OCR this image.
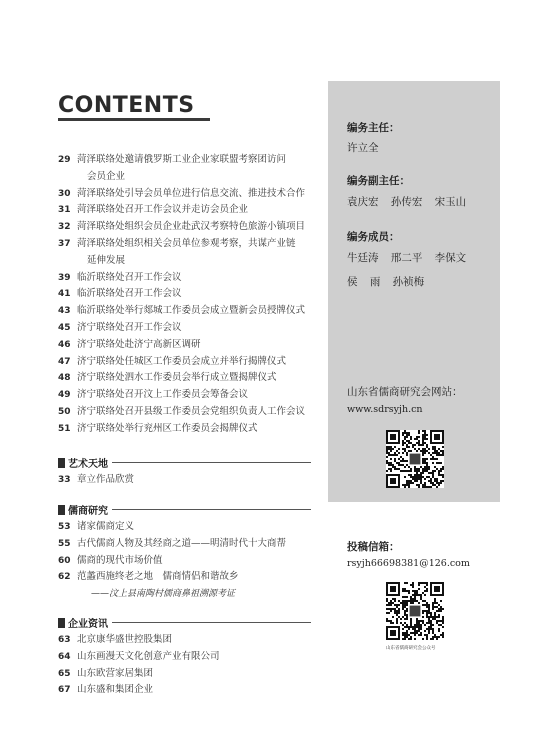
CONTENTS
29 菏泽联络处邀请俄罗斯工业企业家联盟考察团访问
会员企业
30 菏泽联络处引导会员单位进行信息交流、推进技术合作
31 菏泽联络处召开工作会议并走访会员企业
32 菏泽联络处组织会员企业赴武汉考察特色旅游小镇项目
37 菏泽联络处组织相关会员单位参观考察，共谋产业链
延伸发展
39 临沂联络处召开工作会议
41 临沂联络处召开工作会议
43 临沂联络处举行郯城工作委员会成立暨新会员授牌仪式
45 济宁联络处召开工作会议
46 济宁联络处赴济宁高新区调研
47 济宁联络处任城区工作委员会成立并举行揭牌仪式
48 济宁联络处泗水工作委员会举行成立暨揭牌仪式
49 济宁联络处召开汶上工作委员会筹备会议
50 济宁联络处召开县级工作委员会党组织负责人工作会议
51 济宁联络处举行兖州区工作委员会揭牌仪式
艺术天地
33 章立作品欣赏
儒商研究
53 诸家儒商定义
55 古代儒商人物及其经商之道——明清时代十大商帮
60 儒商的现代市场价值
62 范蠡西施终老之地　儒商情侣和谐故乡
——汶上县南陶村儒商鼻祖溯源考证
企业资讯
63 北京康华盛世控股集团
64 山东画漫天文化创意产业有限公司
65 山东欧营家居集团
67 山东盛和集团企业
编务主任：
许立全
编务副主任：
袁庆宏 孙传宏 宋玉山
编务成员：
牛廷涛 邢二平 李保文
侯 雨 孙祯梅
山东省儒商研究会网站：
www.sdrsyjh.cn
投稿信箱：
rsyjh66698381@126.com
山东省儒商研究会公众号
